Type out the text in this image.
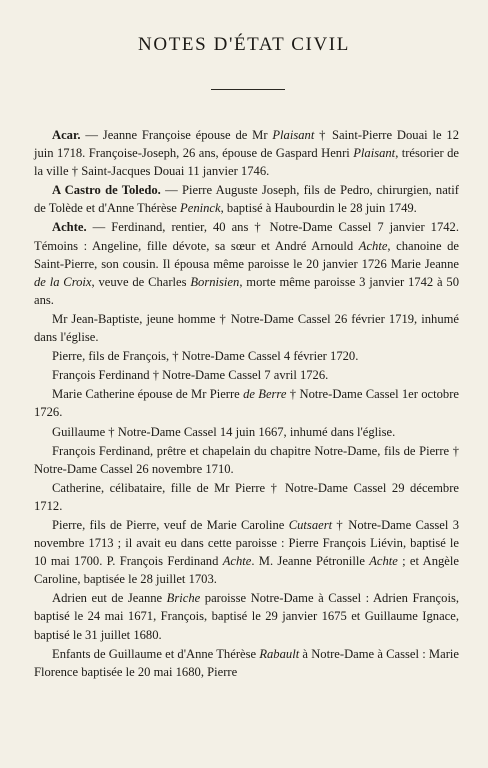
NOTES D'ÉTAT CIVIL

Acar. — Jeanne Françoise épouse de Mr Plaisant † Saint-Pierre Douai le 12 juin 1718. Françoise-Joseph, 26 ans, épouse de Gaspard Henri Plaisant, trésorier de la ville † Saint-Jacques Douai 11 janvier 1746.

A Castro de Toledo. — Pierre Auguste Joseph, fils de Pedro, chirurgien, natif de Tolède et d'Anne Thérèse Peninck, baptisé à Haubourdin le 28 juin 1749.

Achte. — Ferdinand, rentier, 40 ans † Notre-Dame Cassel 7 janvier 1742. Témoins : Angeline, fille dévote, sa sœur et André Arnould Achte, chanoine de Saint-Pierre, son cousin. Il épousa même paroisse le 20 janvier 1726 Marie Jeanne de la Croix, veuve de Charles Bornisien, morte même paroisse 3 janvier 1742 à 50 ans.

Mr Jean-Baptiste, jeune homme † Notre-Dame Cassel 26 février 1719, inhumé dans l'église.

Pierre, fils de François, † Notre-Dame Cassel 4 février 1720.

François Ferdinand † Notre-Dame Cassel 7 avril 1726.

Marie Catherine épouse de Mr Pierre de Berre † Notre-Dame Cassel 1er octobre 1726.

Guillaume † Notre-Dame Cassel 14 juin 1667, inhumé dans l'église.

François Ferdinand, prêtre et chapelain du chapitre Notre-Dame, fils de Pierre † Notre-Dame Cassel 26 novembre 1710.

Catherine, célibataire, fille de Mr Pierre † Notre-Dame Cassel 29 décembre 1712.

Pierre, fils de Pierre, veuf de Marie Caroline Cutsaert † Notre-Dame Cassel 3 novembre 1713 ; il avait eu dans cette paroisse : Pierre François Liévin, baptisé le 10 mai 1700. P. François Ferdinand Achte. M. Jeanne Pétronille Achte ; et Angèle Caroline, baptisée le 28 juillet 1703.

Adrien eut de Jeanne Briche paroisse Notre-Dame à Cassel : Adrien François, baptisé le 24 mai 1671, François, baptisé le 29 janvier 1675 et Guillaume Ignace, baptisé le 31 juillet 1680.

Enfants de Guillaume et d'Anne Thérèse Rabault à Notre-Dame à Cassel : Marie Florence baptisée le 20 mai 1680, Pierre
